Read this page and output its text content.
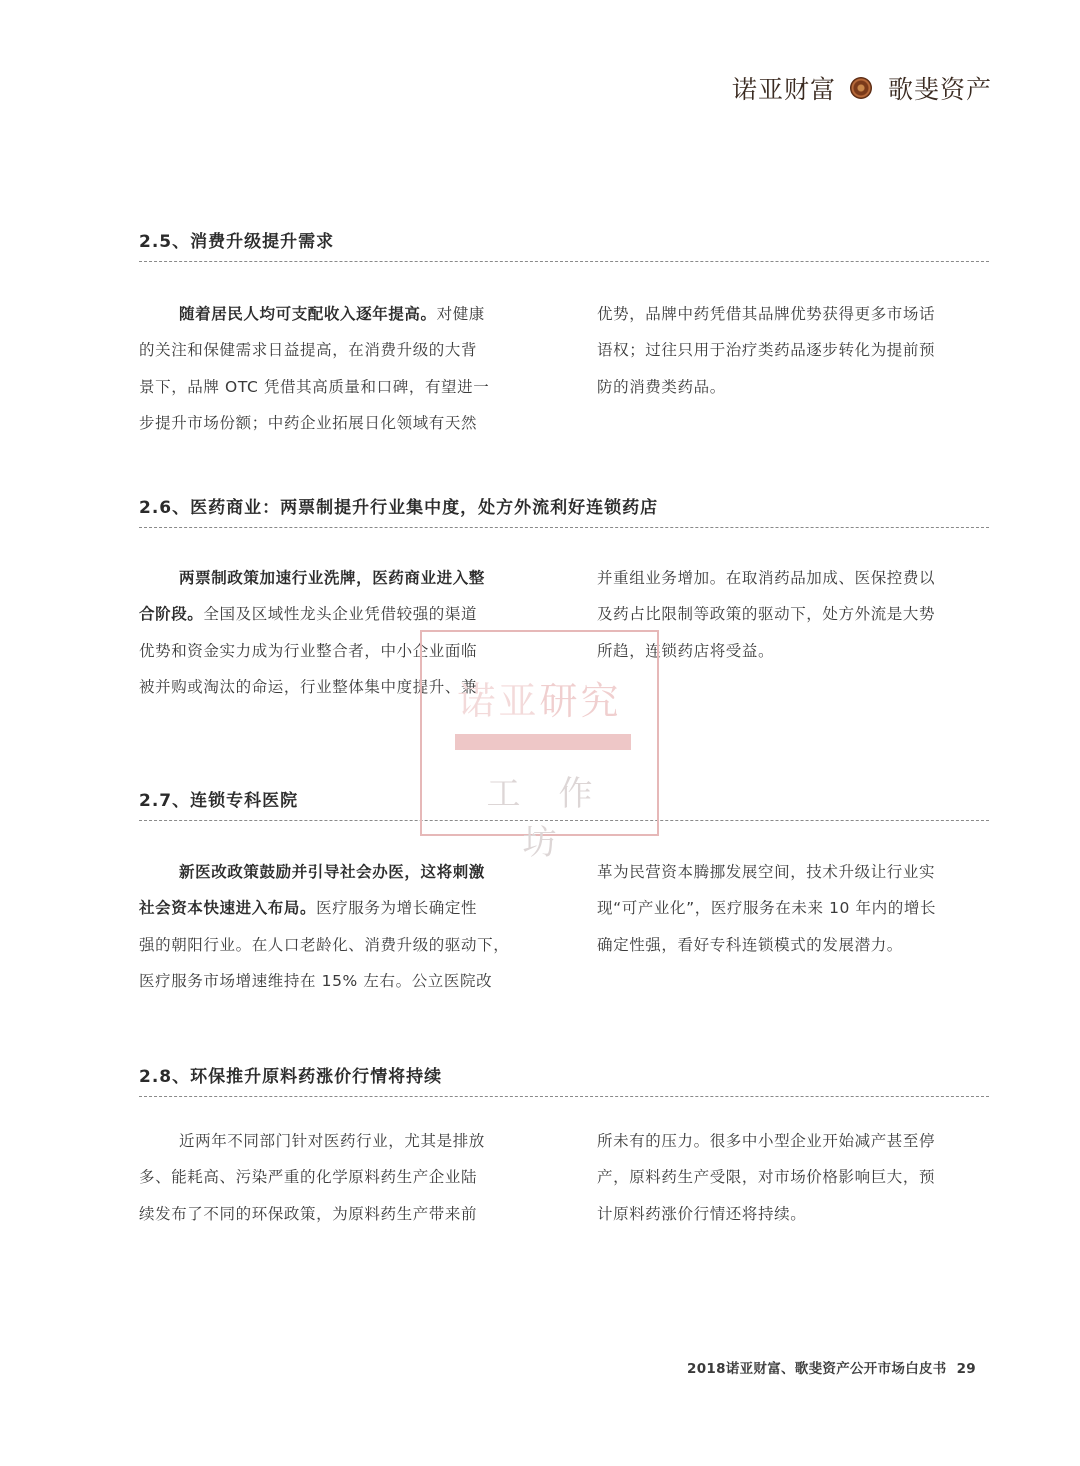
诺亚财富 歌斐资产
2.5、消费升级提升需求
随着居民人均可支配收入逐年提高。对健康
的关注和保健需求日益提高，在消费升级的大背
景下，品牌 OTC 凭借其高质量和口碑，有望进一
步提升市场份额；中药企业拓展日化领域有天然
优势，品牌中药凭借其品牌优势获得更多市场话
语权；过往只用于治疗类药品逐步转化为提前预
防的消费类药品。
2.6、医药商业：两票制提升行业集中度，处方外流利好连锁药店
两票制政策加速行业洗牌，医药商业进入整
合阶段。全国及区域性龙头企业凭借较强的渠道
优势和资金实力成为行业整合者，中小企业面临
被并购或淘汰的命运，行业整体集中度提升、兼
并重组业务增加。在取消药品加成、医保控费以
及药占比限制等政策的驱动下，处方外流是大势
所趋，连锁药店将受益。
2.7、连锁专科医院
新医改政策鼓励并引导社会办医，这将刺激
社会资本快速进入布局。医疗服务为增长确定性
强的朝阳行业。在人口老龄化、消费升级的驱动下，
医疗服务市场增速维持在 15% 左右。公立医院改
革为民营资本腾挪发展空间，技术升级让行业实
现“可产业化”，医疗服务在未来 10 年内的增长
确定性强，看好专科连锁模式的发展潜力。
2.8、环保推升原料药涨价行情将持续
近两年不同部门针对医药行业，尤其是排放
多、能耗高、污染严重的化学原料药生产企业陆
续发布了不同的环保政策，为原料药生产带来前
所未有的压力。很多中小型企业开始减产甚至停
产，原料药生产受限，对市场价格影响巨大，预
计原料药涨价行情还将持续。
诺亚研究
工作坊
2018诺亚财富、歌斐资产公开市场白皮书 29
